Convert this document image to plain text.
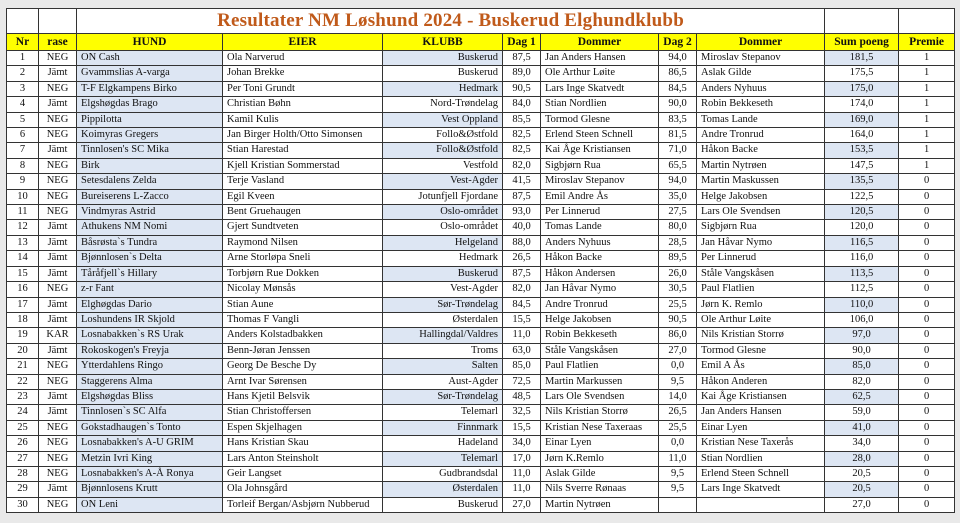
		Resultater NM Løshund 2024 - Buskerud Elghundklubb								
Nr	rase	HUND	EIER	KLUBB	Dag 1	Dommer	Dag 2	Dommer	Sum poeng	Premie
1	NEG	ON Cash	Ola Narverud	Buskerud	87,5	Jan Anders Hansen	94,0	Miroslav Stepanov	181,5	1
2	Jämt	Gvammslias A-varga	Johan Brekke	Buskerud	89,0	Ole Arthur Løite	86,5	Aslak Gilde	175,5	1
3	NEG	T-F Elgkampens Birko	Per Toni Grundt	Hedmark	90,5	Lars Inge Skatvedt	84,5	Anders Nyhuus	175,0	1
4	Jämt	Elgshøgdas Brago	Christian Bøhn	Nord-Trøndelag	84,0	Stian Nordlien	90,0	Robin Bekkeseth	174,0	1
5	NEG	Pippilotta	Kamil Kulis	Vest Oppland	85,5	Tormod Glesne	83,5	Tomas Lande	169,0	1
6	NEG	Koimyras Gregers	Jan Birger Holth/Otto Simonsen	Follo&Østfold	82,5	Erlend Steen Schnell	81,5	Andre Tronrud	164,0	1
7	Jämt	Tinnlosen's SC Mika	Stian Harestad	Follo&Østfold	82,5	Kai Åge Kristiansen	71,0	Håkon Backe	153,5	1
8	NEG	Birk	Kjell Kristian Sommerstad	Vestfold	82,0	Sigbjørn Rua	65,5	Martin Nytrøen	147,5	1
9	NEG	Setesdalens Zelda	Terje Vasland	Vest-Agder	41,5	Miroslav Stepanov	94,0	Martin Maskussen	135,5	0
10	NEG	Bureiserens L-Zacco	Egil Kveen	Jotunfjell Fjordane	87,5	Emil Andre Ås	35,0	Helge Jakobsen	122,5	0
11	NEG	Vindmyras Astrid	Bent Gruehaugen	Oslo-området	93,0	Per Linnerud	27,5	Lars Ole Svendsen	120,5	0
12	Jämt	Athukens NM Nomi	Gjert Sundtveten	Oslo-området	40,0	Tomas Lande	80,0	Sigbjørn Rua	120,0	0
13	Jämt	Båsrøsta`s Tundra	Raymond Nilsen	Helgeland	88,0	Anders Nyhuus	28,5	Jan Håvar Nymo	116,5	0
14	Jämt	Bjønnlosen`s Delta	Arne Storløpa Sneli	Hedmark	26,5	Håkon Backe	89,5	Per Linnerud	116,0	0
15	Jämt	Tåråfjell`s Hillary	Torbjørn Rue Dokken	Buskerud	87,5	Håkon Andersen	26,0	Ståle Vangskåsen	113,5	0
16	NEG	z-r Fant	Nicolay Mønsås	Vest-Agder	82,0	Jan Håvar Nymo	30,5	Paul Flatlien	112,5	0
17	Jämt	Elghøgdas Dario	Stian Aune	Sør-Trøndelag	84,5	Andre Tronrud	25,5	Jørn K. Remlo	110,0	0
18	Jämt	Loshundens IR Skjold	Thomas F Vangli	Østerdalen	15,5	Helge Jakobsen	90,5	Ole Arthur Løite	106,0	0
19	KAR	Losnabakken`s RS Urak	Anders Kolstadbakken	Hallingdal/Valdres	11,0	Robin Bekkeseth	86,0	Nils Kristian Storrø	97,0	0
20	Jämt	Rokoskogen's Freyja	Benn-Jøran Jenssen	Troms	63,0	Ståle Vangskåsen	27,0	Tormod Glesne	90,0	0
21	NEG	Ytterdahlens Ringo	Georg De Besche Dy	Salten	85,0	Paul Flatlien	0,0	Emil A Ås	85,0	0
22	NEG	Staggerens Alma	Arnt Ivar Sørensen	Aust-Agder	72,5	Martin Markussen	9,5	Håkon Anderen	82,0	0
23	Jämt	Elgshøgdas Bliss	Hans Kjetil Belsvik	Sør-Trøndelag	48,5	Lars Ole Svendsen	14,0	Kai Åge Kristiansen	62,5	0
24	Jämt	Tinnlosen`s SC Alfa	Stian Christoffersen	Telemarl	32,5	Nils Kristian Storrø	26,5	Jan Anders Hansen	59,0	0
25	NEG	Gokstadhaugen`s Tonto	Espen Skjelhagen	Finnmark	15,5	Kristian Nese Taxeraas	25,5	Einar Lyen	41,0	0
26	NEG	Losnabakken's A-U GRIM	Hans Kristian Skau	Hadeland	34,0	Einar Lyen	0,0	Kristian Nese Taxerås	34,0	0
27	NEG	Metzin Ivri King	Lars Anton Steinsholt	Telemarl	17,0	Jørn K.Remlo	11,0	Stian Nordlien	28,0	0
28	NEG	Losnabakken's A-Å Ronya	Geir Langset	Gudbrandsdal	11,0	Aslak Gilde	9,5	Erlend Steen Schnell	20,5	0
29	Jämt	Bjønnlosens Krutt	Ola Johnsgård	Østerdalen	11,0	Nils Sverre Rønaas	9,5	Lars Inge Skatvedt	20,5	0
30	NEG	ON Leni	Torleif Bergan/Asbjørn Nubberud	Buskerud	27,0	Martin Nytrøen			27,0	0
